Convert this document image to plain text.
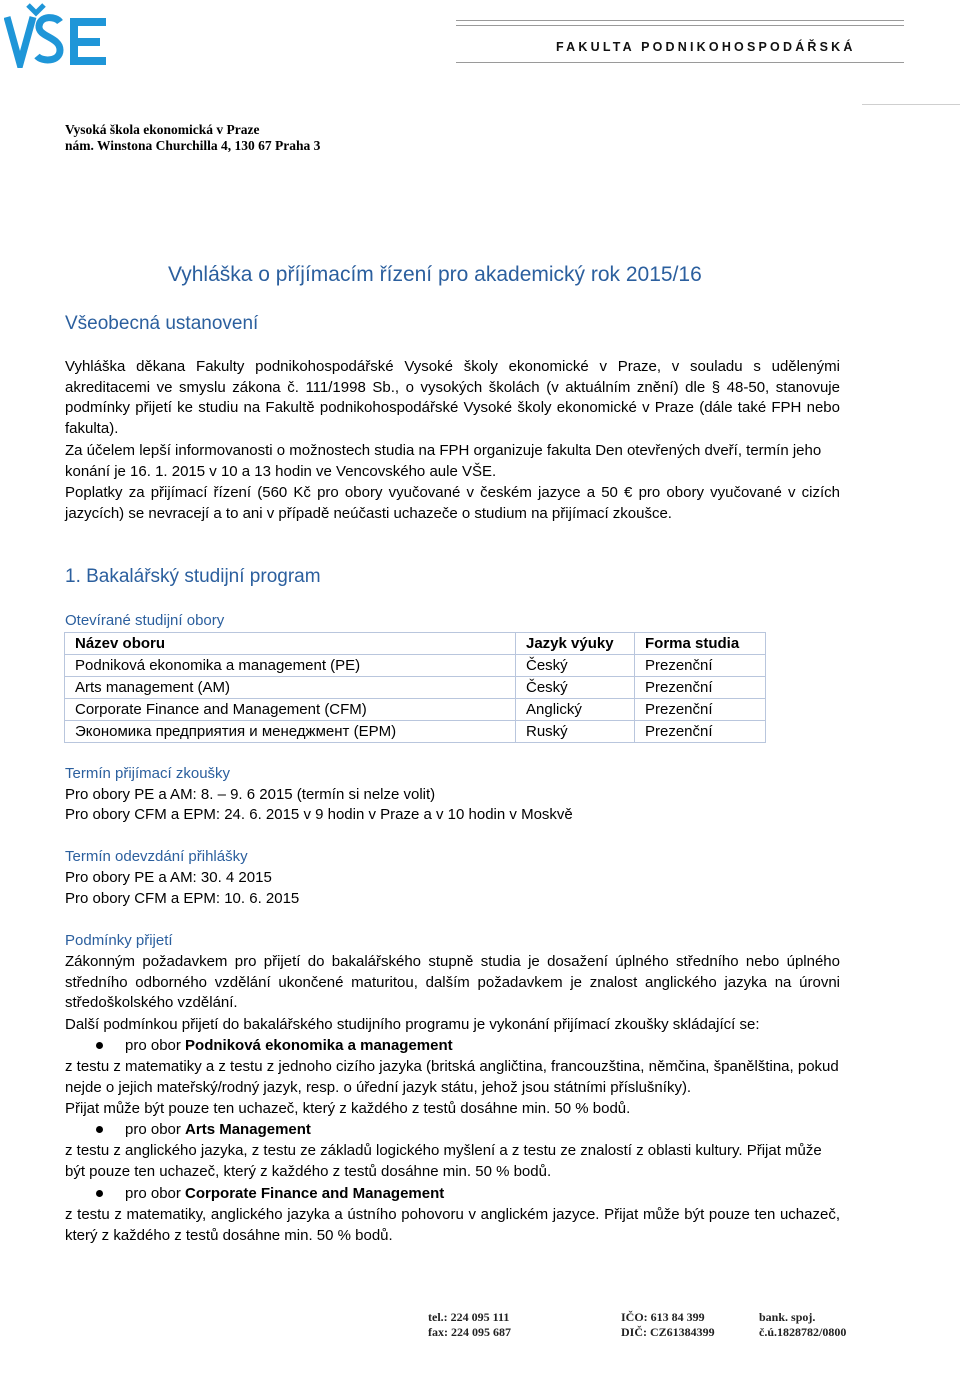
FAKULTA PODNIKOHOSPODÁŘSKÁ
Vysoká škola ekonomická v Praze
nám. Winstona Churchilla 4, 130 67 Praha 3
Vyhláška o příjímacím řízení pro akademický rok 2015/16
Všeobecná ustanovení
Vyhláška děkana Fakulty podnikohospodářské Vysoké školy ekonomické v Praze, v souladu s udělenými akreditacemi ve smyslu zákona č. 111/1998 Sb., o vysokých školách (v aktuálním znění) dle § 48-50, stanovuje podmínky přijetí ke studiu na Fakultě podnikohospodářské Vysoké školy ekonomické v Praze (dále také FPH nebo fakulta).
Za účelem lepší informovanosti o možnostech studia na FPH organizuje fakulta Den otevřených dveří, termín jeho konání je 16. 1. 2015 v 10 a 13 hodin ve Vencovského aule VŠE.
Poplatky za přijímací řízení (560 Kč pro obory vyučované v českém jazyce a 50 € pro obory vyučované v cizích jazycích) se nevracejí a to ani v případě neúčasti uchazeče o studium na přijímací zkoušce.
1. Bakalářský studijní program
Otevírané studijní obory
Název oboru	Jazyk výuky	Forma studia
Podniková ekonomika a management (PE)	Český	Prezenční
Arts management (AM)	Český	Prezenční
Corporate Finance and Management (CFM)	Anglický	Prezenční
Экономика предприятия и менеджмент (EPM)	Ruský	Prezenční
Termín přijímací zkoušky
Pro obory PE a AM: 8. – 9. 6 2015 (termín si nelze volit)
Pro obory CFM a EPM: 24. 6. 2015 v 9 hodin v Praze a v 10 hodin v Moskvě
Termín odevzdání přihlášky
Pro obory PE a AM: 30. 4 2015
Pro obory CFM a EPM: 10. 6. 2015
Podmínky přijetí
Zákonným požadavkem pro přijetí do bakalářského stupně studia je dosažení úplného středního nebo úplného středního odborného vzdělání ukončené maturitou, dalším požadavkem je znalost anglického jazyka na úrovni středoškolského vzdělání.
Další podmínkou přijetí do bakalářského studijního programu je vykonání přijímací zkoušky skládající se:
pro obor Podniková ekonomika a management
z testu z matematiky a z testu z jednoho cizího jazyka (britská angličtina, francouzština, němčina, španělština, pokud nejde o jejich mateřský/rodný jazyk, resp. o úřední jazyk státu, jehož jsou státními příslušníky).
Přijat může být pouze ten uchazeč, který z každého z testů dosáhne min. 50 % bodů.
pro obor Arts Management
z testu z anglického jazyka, z testu ze základů logického myšlení a z testu ze znalostí z oblasti kultury. Přijat může být pouze ten uchazeč, který z každého z testů dosáhne min. 50 % bodů.
pro obor Corporate Finance and Management
z testu z matematiky, anglického jazyka a ústního pohovoru v anglickém jazyce. Přijat může být pouze ten uchazeč, který z každého z testů dosáhne min. 50 % bodů.
tel.: 224 095 111
fax: 224 095 687
IČO: 613 84 399
DIČ: CZ61384399
bank. spoj.
č.ú.1828782/0800
